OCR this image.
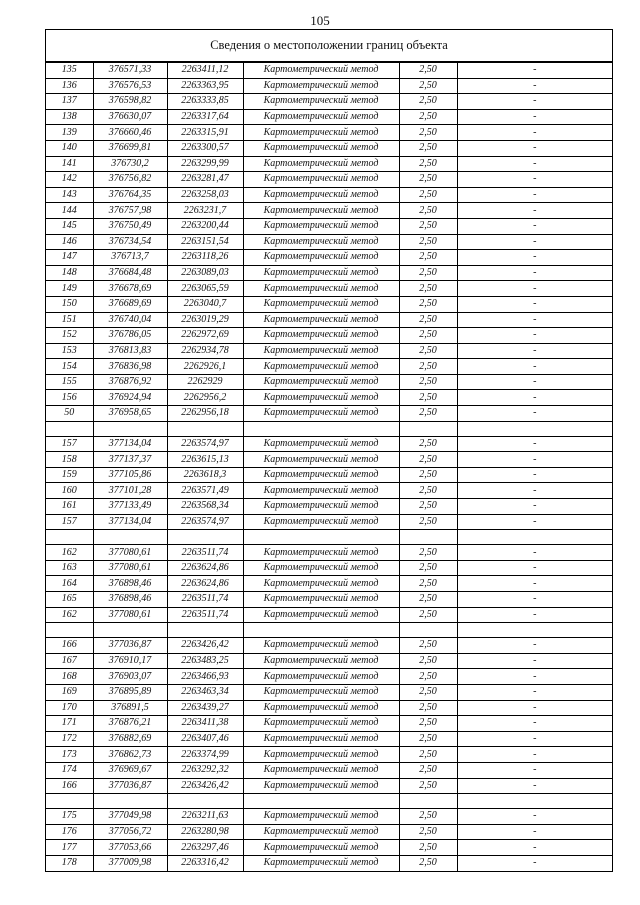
105
Сведения о местоположении границ объекта
135	376571,33	2263411,12	Картометрический метод	2,50	-
136	376576,53	2263363,95	Картометрический метод	2,50	-
137	376598,82	2263333,85	Картометрический метод	2,50	-
138	376630,07	2263317,64	Картометрический метод	2,50	-
139	376660,46	2263315,91	Картометрический метод	2,50	-
140	376699,81	2263300,57	Картометрический метод	2,50	-
141	376730,2	2263299,99	Картометрический метод	2,50	-
142	376756,82	2263281,47	Картометрический метод	2,50	-
143	376764,35	2263258,03	Картометрический метод	2,50	-
144	376757,98	2263231,7	Картометрический метод	2,50	-
145	376750,49	2263200,44	Картометрический метод	2,50	-
146	376734,54	2263151,54	Картометрический метод	2,50	-
147	376713,7	2263118,26	Картометрический метод	2,50	-
148	376684,48	2263089,03	Картометрический метод	2,50	-
149	376678,69	2263065,59	Картометрический метод	2,50	-
150	376689,69	2263040,7	Картометрический метод	2,50	-
151	376740,04	2263019,29	Картометрический метод	2,50	-
152	376786,05	2262972,69	Картометрический метод	2,50	-
153	376813,83	2262934,78	Картометрический метод	2,50	-
154	376836,98	2262926,1	Картометрический метод	2,50	-
155	376876,92	2262929	Картометрический метод	2,50	-
156	376924,94	2262956,2	Картометрический метод	2,50	-
50	376958,65	2262956,18	Картометрический метод	2,50	-

157	377134,04	2263574,97	Картометрический метод	2,50	-
158	377137,37	2263615,13	Картометрический метод	2,50	-
159	377105,86	2263618,3	Картометрический метод	2,50	-
160	377101,28	2263571,49	Картометрический метод	2,50	-
161	377133,49	2263568,34	Картометрический метод	2,50	-
157	377134,04	2263574,97	Картометрический метод	2,50	-

162	377080,61	2263511,74	Картометрический метод	2,50	-
163	377080,61	2263624,86	Картометрический метод	2,50	-
164	376898,46	2263624,86	Картометрический метод	2,50	-
165	376898,46	2263511,74	Картометрический метод	2,50	-
162	377080,61	2263511,74	Картометрический метод	2,50	-

166	377036,87	2263426,42	Картометрический метод	2,50	-
167	376910,17	2263483,25	Картометрический метод	2,50	-
168	376903,07	2263466,93	Картометрический метод	2,50	-
169	376895,89	2263463,34	Картометрический метод	2,50	-
170	376891,5	2263439,27	Картометрический метод	2,50	-
171	376876,21	2263411,38	Картометрический метод	2,50	-
172	376882,69	2263407,46	Картометрический метод	2,50	-
173	376862,73	2263374,99	Картометрический метод	2,50	-
174	376969,67	2263292,32	Картометрический метод	2,50	-
166	377036,87	2263426,42	Картометрический метод	2,50	-

175	377049,98	2263211,63	Картометрический метод	2,50	-
176	377056,72	2263280,98	Картометрический метод	2,50	-
177	377053,66	2263297,46	Картометрический метод	2,50	-
178	377009,98	2263316,42	Картометрический метод	2,50	-
